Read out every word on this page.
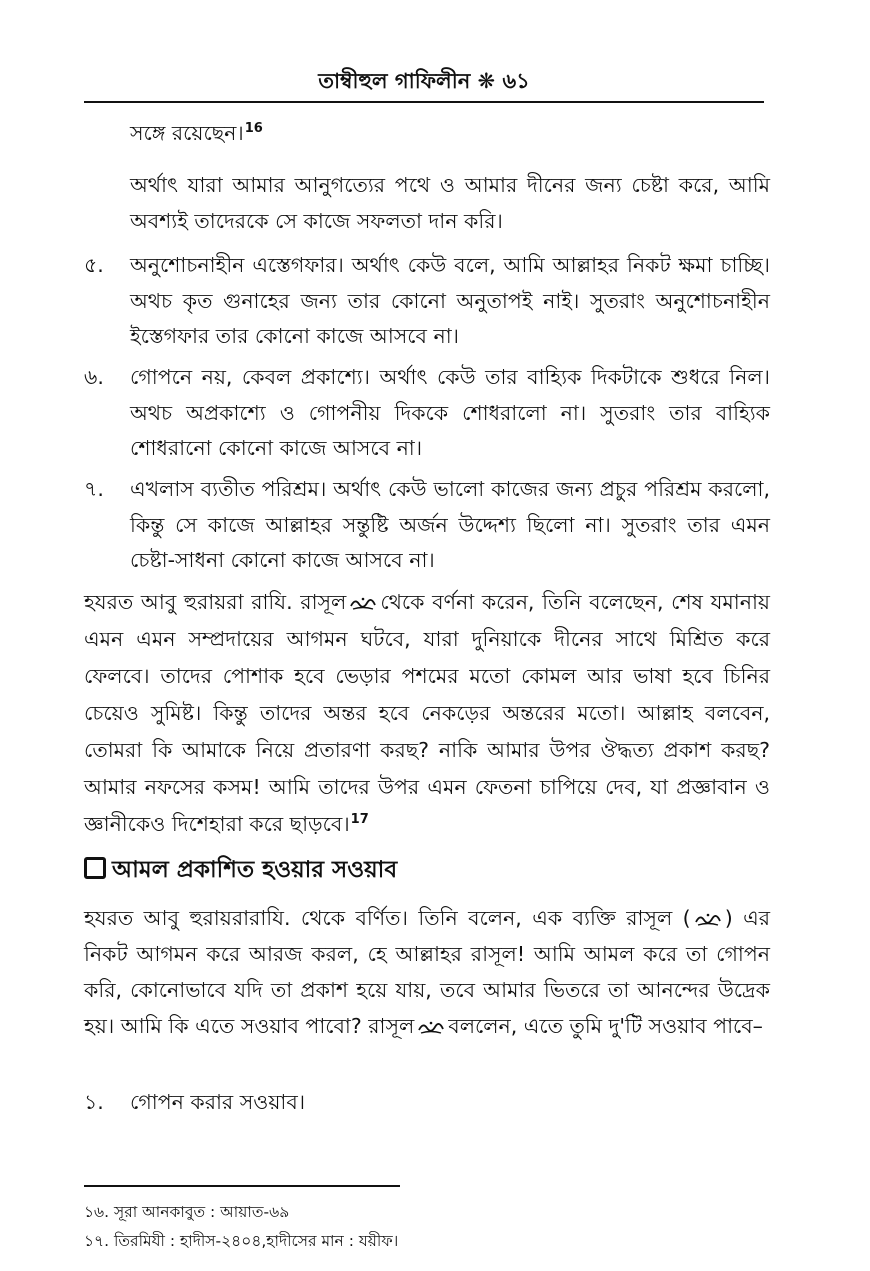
তাম্বীহুল গাফিলীন ❋ ৬১
সঙ্গে রয়েছেন।$^{16}$
অর্থাৎ যারা আমার আনুগত্যের পথে ও আমার দীনের জন্য চেষ্টা করে, আমি অবশ্যই তাদেরকে সে কাজে সফলতা দান করি।
৫. অনুশোচনাহীন এস্তেগফার। অর্থাৎ কেউ বলে, আমি আল্লাহর নিকট ক্ষমা চাচ্ছি। অথচ কৃত গুনাহের জন্য তার কোনো অনুতাপই নাই। সুতরাং অনুশোচনাহীন ইস্তেগফার তার কোনো কাজে আসবে না।
৬. গোপনে নয়, কেবল প্রকাশ্যে। অর্থাৎ কেউ তার বাহ্যিক দিকটাকে শুধরে নিল। অথচ অপ্রকাশ্যে ও গোপনীয় দিককে শোধরালো না। সুতরাং তার বাহ্যিক শোধরানো কোনো কাজে আসবে না।
৭. এখলাস ব্যতীত পরিশ্রম। অর্থাৎ কেউ ভালো কাজের জন্য প্রচুর পরিশ্রম করলো, কিন্তু সে কাজে আল্লাহর সন্তুষ্টি অর্জন উদ্দেশ্য ছিলো না। সুতরাং তার এমন চেষ্টা-সাধনা কোনো কাজে আসবে না।
হযরত আবু হুরায়রা রাযি. রাসূল থেকে বর্ণনা করেন, তিনি বলেছেন, শেষ যমানায় এমন এমন সম্প্রদায়ের আগমন ঘটবে, যারা দুনিয়াকে দীনের সাথে মিশ্রিত করে ফেলবে। তাদের পোশাক হবে ভেড়ার পশমের মতো কোমল আর ভাষা হবে চিনির চেয়েও সুমিষ্ট। কিন্তু তাদের অন্তর হবে নেকড়ের অন্তরের মতো। আল্লাহ বলবেন, তোমরা কি আমাকে নিয়ে প্রতারণা করছ? নাকি আমার উপর ঔদ্ধত্য প্রকাশ করছ? আমার নফসের কসম! আমি তাদের উপর এমন ফেতনা চাপিয়ে দেব, যা প্রজ্ঞাবান ও জ্ঞানীকেও দিশেহারা করে ছাড়বে।$^{17}$
আমল প্রকাশিত হওয়ার সওয়াব
হযরত আবু হুরায়রারাযি. থেকে বর্ণিত। তিনি বলেন, এক ব্যক্তি রাসূল ( ) এর নিকট আগমন করে আরজ করল, হে আল্লাহর রাসূল! আমি আমল করে তা গোপন করি, কোনোভাবে যদি তা প্রকাশ হয়ে যায়, তবে আমার ভিতরে তা আনন্দের উদ্রেক হয়। আমি কি এতে সওয়াব পাবো? রাসূল বললেন, এতে তুমি দু'টি সওয়াব পাবে–
১. গোপন করার সওয়াব।
১৬. সূরা আনকাবুত : আয়াত-৬৯
১৭. তিরমিযী : হাদীস-২৪০৪,হাদীসের মান : যয়ীফ।
